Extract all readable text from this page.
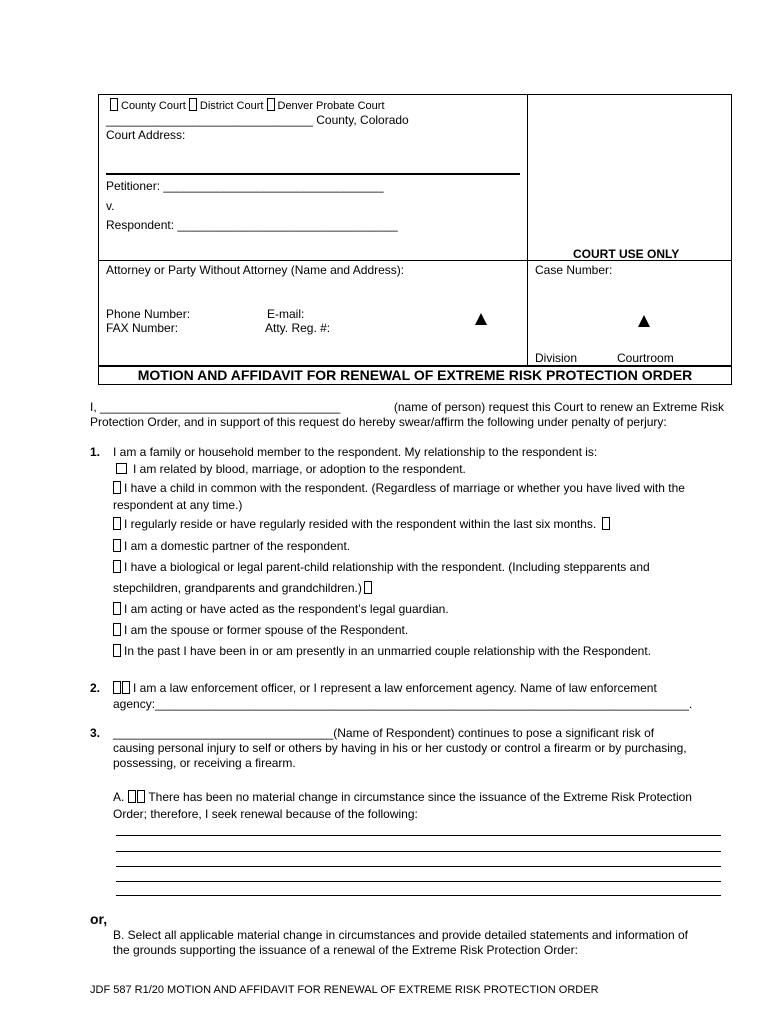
County Court District Court Denver Probate Court
_______________________________ County, Colorado
Court Address:
Petitioner: _________________________________
v.
Respondent: _________________________________
COURT USE ONLY
Attorney or Party Without Attorney (Name and Address):	Case Number:
Phone Number:	E-mail:
FAX Number:	Atty. Reg. #:
Division	Courtroom
MOTION AND AFFIDAVIT FOR RENEWAL OF EXTREME RISK PROTECTION ORDER
I, ____________________________________	(name of person) request this Court to renew an Extreme Risk
Protection Order, and in support of this request do hereby swear/affirm the following under penalty of perjury:
1. I am a family or household member to the respondent. My relationship to the respondent is:
I am related by blood, marriage, or adoption to the respondent.
I have a child in common with the respondent. (Regardless of marriage or whether you have lived with the
respondent at any time.)
I regularly reside or have regularly resided with the respondent within the last six months.
I am a domestic partner of the respondent.
I have a biological or legal parent-child relationship with the respondent. (Including stepparents and
stepchildren, grandparents and grandchildren.)
I am acting or have acted as the respondent’s legal guardian.
I am the spouse or former spouse of the Respondent.
In the past I have been in or am presently in an unmarried couple relationship with the Respondent.
2.	I am a law enforcement officer, or I represent a law enforcement agency. Name of law enforcement
agency:________________________________________________________________________________.
3. _________________________________(Name of Respondent) continues to pose a significant risk of
causing personal injury to self or others by having in his or her custody or control a firearm or by purchasing,
possessing, or receiving a firearm.
A. There has been no material change in circumstance since the issuance of the Extreme Risk Protection
Order; therefore, I seek renewal because of the following:
or,
B. Select all applicable material change in circumstances and provide detailed statements and information of
the grounds supporting the issuance of a renewal of the Extreme Risk Protection Order:
JDF 587 R1/20 MOTION AND AFFIDAVIT FOR RENEWAL OF EXTREME RISK PROTECTION ORDER
